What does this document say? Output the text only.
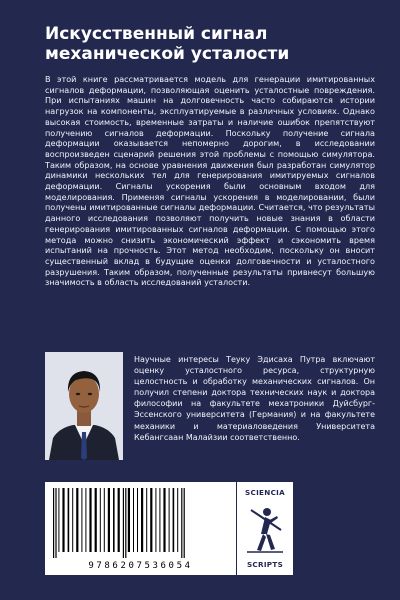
Искусственный сигнал
механической усталости

В этой книге рассматривается модель для генерации имитированных сигналов деформации, позволяющая оценить усталостные повреждения. При испытаниях машин на долговечность часто собираются истории нагрузок на компоненты, эксплуатируемые в различных условиях. Однако высокая стоимость, временные затраты и наличие ошибок препятствуют получению сигналов деформации. Поскольку получение сигнала деформации оказывается непомерно дорогим, в исследовании воспроизведен сценарий решения этой проблемы с помощью симулятора. Таким образом, на основе уравнения движения был разработан симулятор динамики нескольких тел для генерирования имитируемых сигналов деформации. Сигналы ускорения были основным входом для моделирования. Применяя сигналы ускорения в моделировании, были получены имитированные сигналы деформации. Считается, что результаты данного исследования позволяют получить новые знания в области генерирования имитированных сигналов деформации. С помощью этого метода можно снизить экономический эффект и сэкономить время испытаний на прочность. Этот метод необходим, поскольку он вносит существенный вклад в будущие оценки долговечности и усталостного разрушения. Таким образом, полученные результаты привнесут большую значимость в область исследований усталости.

Научные интересы Теуку Эдисаха Путра включают оценку усталостного ресурса, структурную целостность и обработку механических сигналов. Он получил степени доктора технических наук и доктора философии на факультете мехатроники Дуйсбург-Эссенского университета (Германия) и на факультете механики и материаловедения Университета Кебангсаан Малайзии соответственно.

9786207536054
SCIENCIA
SCRIPTS
